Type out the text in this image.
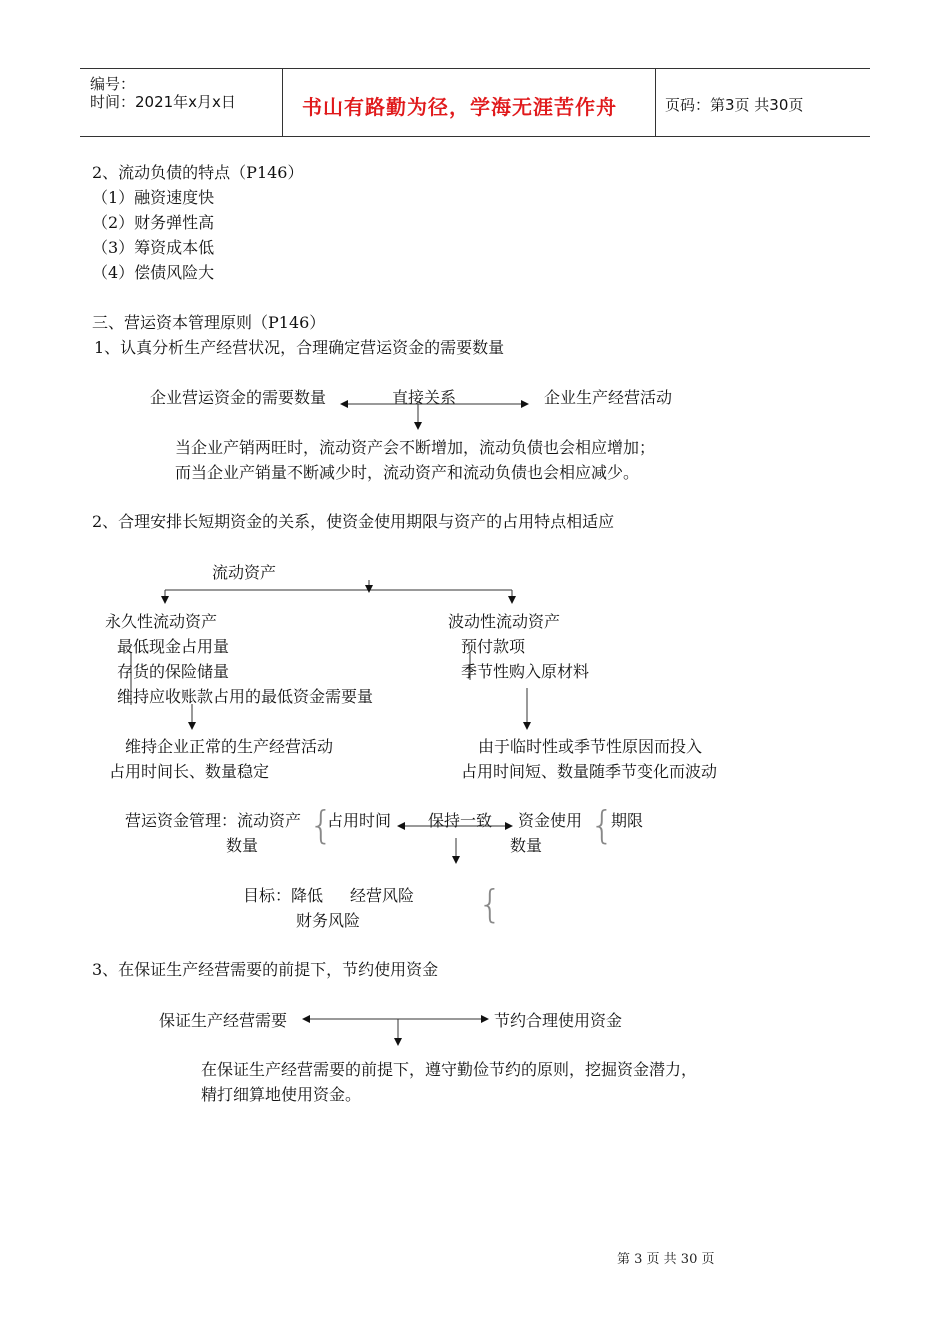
编号：
时间：2021年x月x日	书山有路勤为径，学海无涯苦作舟	页码：第3页 共30页
2、流动负债的特点（P146）
（1）融资速度快
（2）财务弹性高
（3）筹资成本低
（4）偿债风险大
三、营运资本管理原则（P146）
1、认真分析生产经营状况，合理确定营运资金的需要数量
企业营运资金的需要数量	直接关系	企业生产经营活动
当企业产销两旺时，流动资产会不断增加，流动负债也会相应增加；
而当企业产销量不断减少时，流动资产和流动负债也会相应减少。
2、合理安排长短期资金的关系，使资金使用期限与资产的占用特点相适应
流动资产
永久性流动资产
最低现金占用量
存货的保险储量
维持应收账款占用的最低资金需要量
维持企业正常的生产经营活动
占用时间长、数量稳定
波动性流动资产
预付款项
季节性购入原材料
由于临时性或季节性原因而投入
占用时间短、数量随季节变化而波动
营运资金管理：流动资产
数量 {
占用时间 保持一致 资金使用
数量 {
期限
目标：降低 经营风险
财务风险	{
3、在保证生产经营需要的前提下，节约使用资金
保证生产经营需要	节约合理使用资金
在保证生产经营需要的前提下，遵守勤俭节约的原则，挖掘资金潜力，
精打细算地使用资金。
第 3 页 共 30 页
